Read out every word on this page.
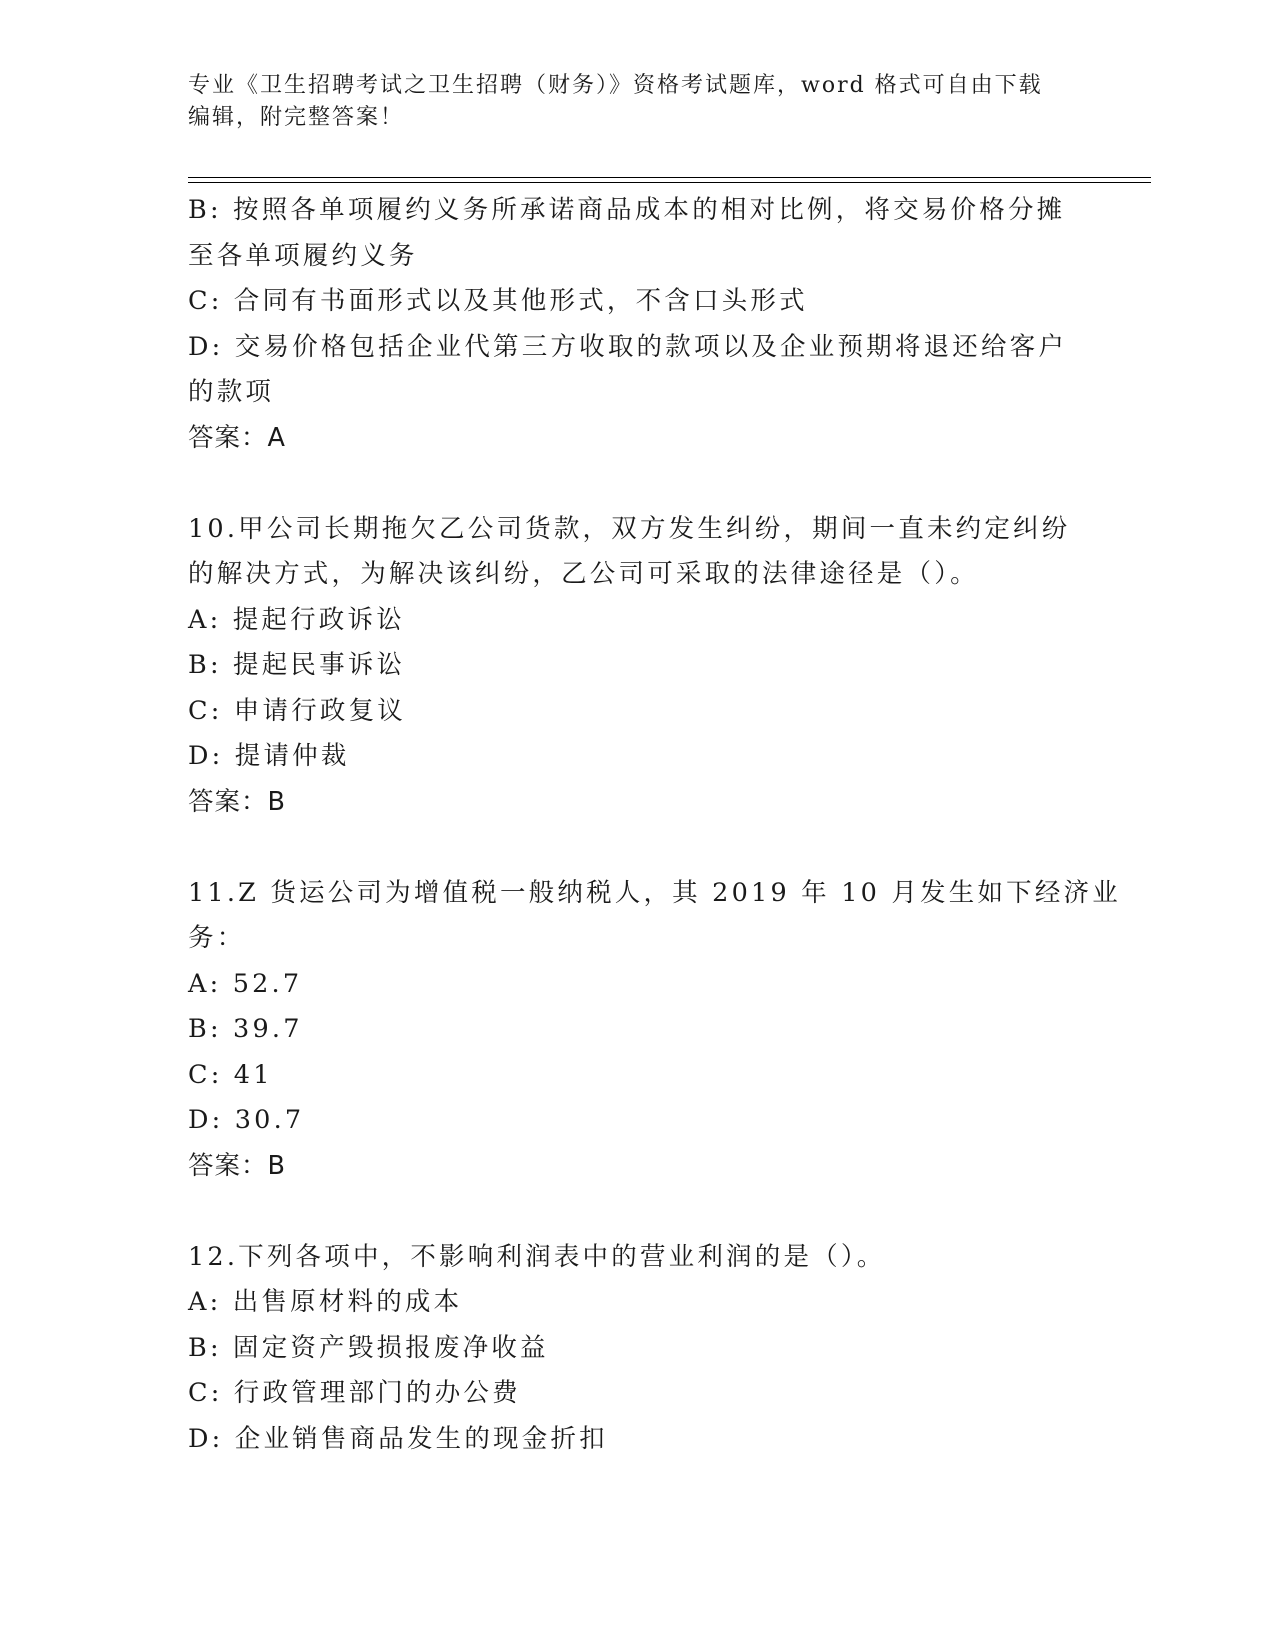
专业《卫生招聘考试之卫生招聘（财务）》资格考试题库，word 格式可自由下载
编辑，附完整答案！
B: 按照各单项履约义务所承诺商品成本的相对比例，将交易价格分摊
至各单项履约义务
C: 合同有书面形式以及其他形式，不含口头形式
D: 交易价格包括企业代第三方收取的款项以及企业预期将退还给客户
的款项
答案：A
10.甲公司长期拖欠乙公司货款，双方发生纠纷，期间一直未约定纠纷
的解决方式，为解决该纠纷，乙公司可采取的法律途径是（）。
A: 提起行政诉讼
B: 提起民事诉讼
C: 申请行政复议
D: 提请仲裁
答案：B
11.Z 货运公司为增值税一般纳税人，其 2019 年 10 月发生如下经济业
务：
A: 52.7
B: 39.7
C: 41
D: 30.7
答案：B
12.下列各项中，不影响利润表中的营业利润的是（）。
A: 出售原材料的成本
B: 固定资产毁损报废净收益
C: 行政管理部门的办公费
D: 企业销售商品发生的现金折扣
